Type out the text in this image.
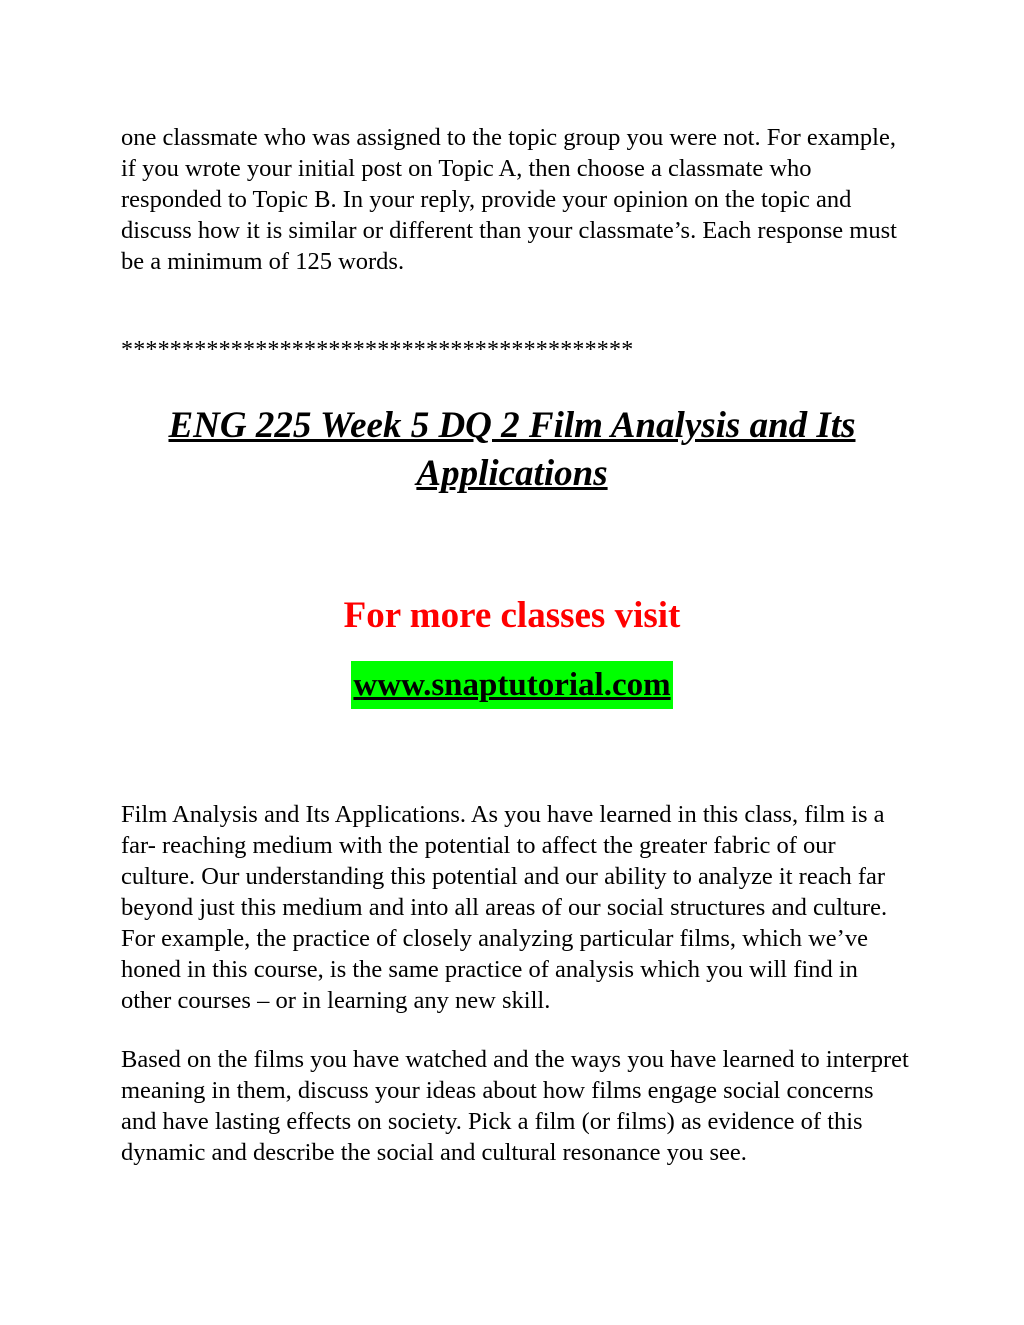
one classmate who was assigned to the topic group you were not. For example, if you wrote your initial post on Topic A, then choose a classmate who responded to Topic B. In your reply, provide your opinion on the topic and discuss how it is similar or different than your classmate’s. Each response must be a minimum of 125 words.

******************************************

ENG 225 Week 5 DQ 2 Film Analysis and Its Applications

For more classes visit

www.snaptutorial.com

Film Analysis and Its Applications. As you have learned in this class, film is a far- reaching medium with the potential to affect the greater fabric of our culture. Our understanding this potential and our ability to analyze it reach far beyond just this medium and into all areas of our social structures and culture. For example, the practice of closely analyzing particular films, which we’ve honed in this course, is the same practice of analysis which you will find in other courses – or in learning any new skill.

Based on the films you have watched and the ways you have learned to interpret meaning in them, discuss your ideas about how films engage social concerns and have lasting effects on society. Pick a film (or films) as evidence of this dynamic and describe the social and cultural resonance you see.
